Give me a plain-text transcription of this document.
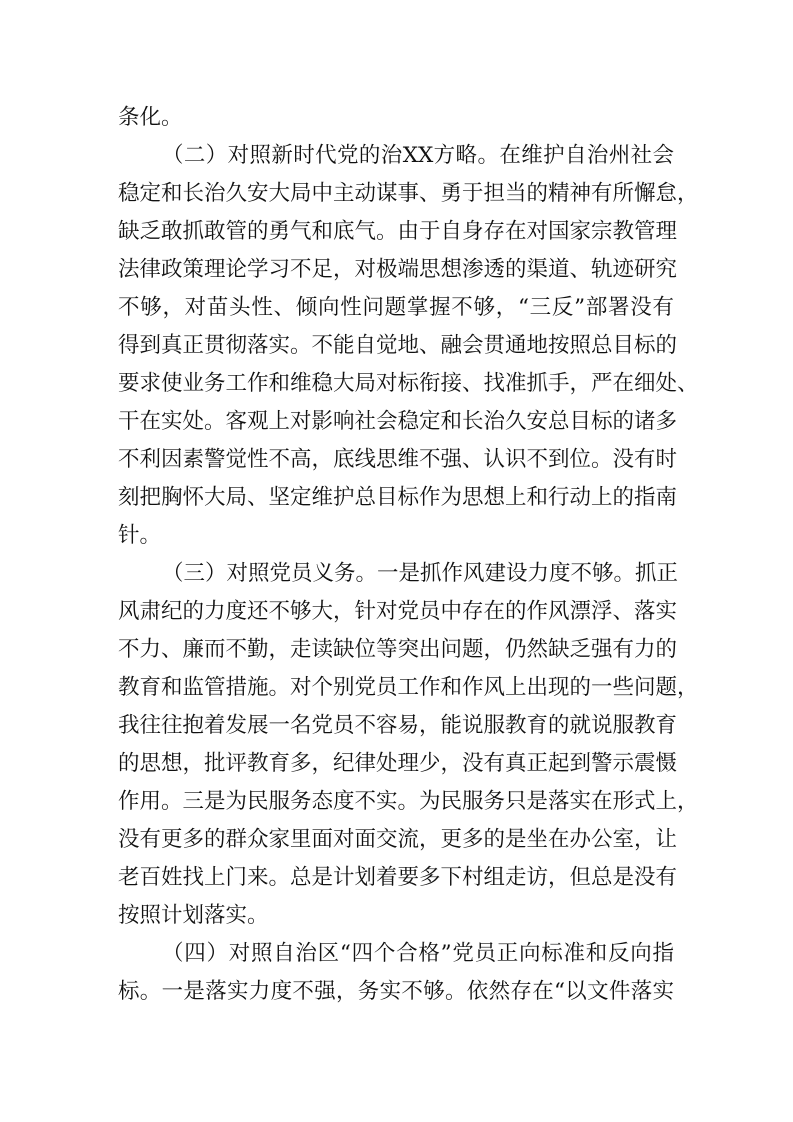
条化。
（二）对照新时代党的治XX方略。在维护自治州社会
稳定和长治久安大局中主动谋事、勇于担当的精神有所懈怠，
缺乏敢抓敢管的勇气和底气。由于自身存在对国家宗教管理
法律政策理论学习不足，对极端思想渗透的渠道、轨迹研究
不够，对苗头性、倾向性问题掌握不够，“三反”部署没有
得到真正贯彻落实。不能自觉地、融会贯通地按照总目标的
要求使业务工作和维稳大局对标衔接、找准抓手，严在细处、
干在实处。客观上对影响社会稳定和长治久安总目标的诸多
不利因素警觉性不高，底线思维不强、认识不到位。没有时
刻把胸怀大局、坚定维护总目标作为思想上和行动上的指南
针。
（三）对照党员义务。一是抓作风建设力度不够。抓正
风肃纪的力度还不够大，针对党员中存在的作风漂浮、落实
不力、廉而不勤，走读缺位等突出问题，仍然缺乏强有力的
教育和监管措施。对个别党员工作和作风上出现的一些问题，
我往往抱着发展一名党员不容易，能说服教育的就说服教育
的思想，批评教育多，纪律处理少，没有真正起到警示震慑
作用。三是为民服务态度不实。为民服务只是落实在形式上，
没有更多的群众家里面对面交流，更多的是坐在办公室，让
老百姓找上门来。总是计划着要多下村组走访，但总是没有
按照计划落实。
（四）对照自治区“四个合格”党员正向标准和反向指
标。一是落实力度不强，务实不够。依然存在“以文件落实
